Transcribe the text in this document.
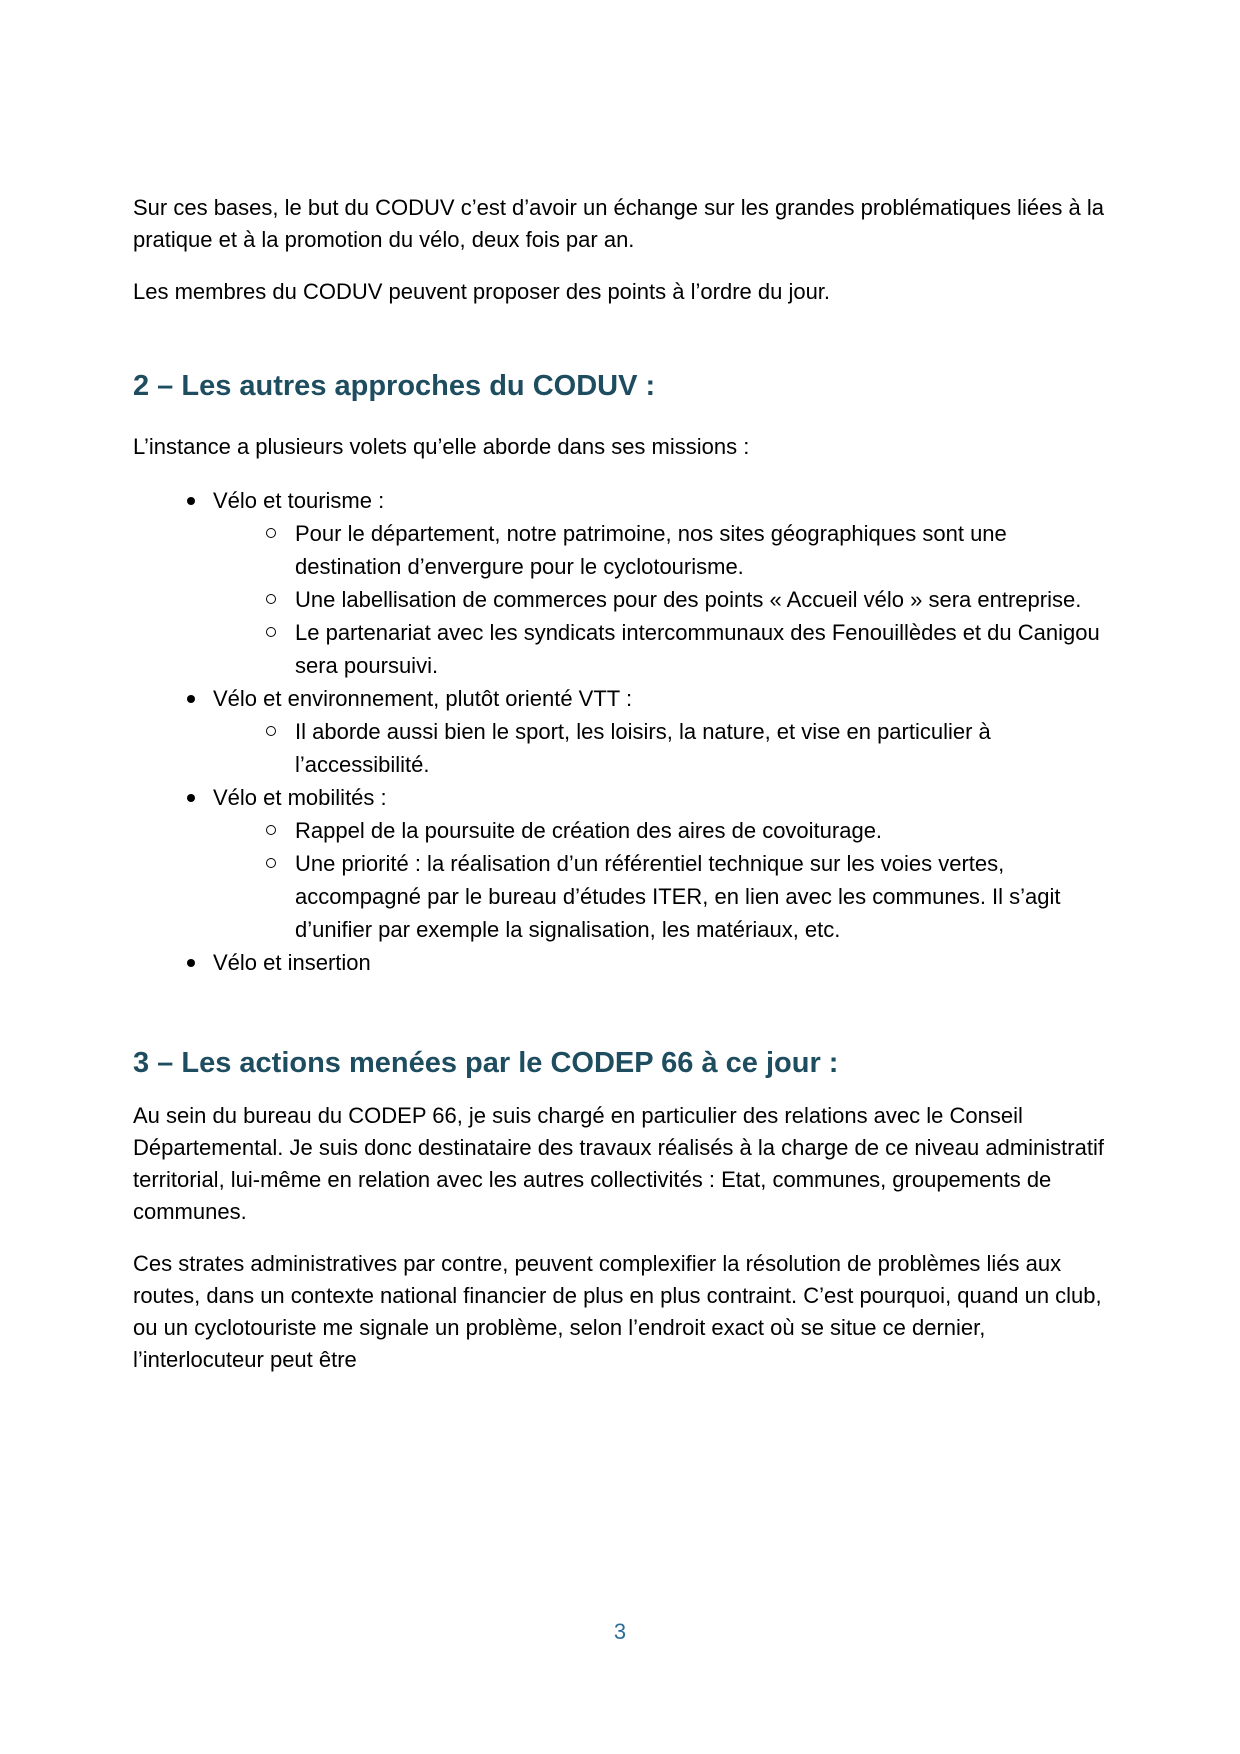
Sur ces bases, le but du CODUV c’est d’avoir un échange sur les grandes problématiques liées à la pratique et à la promotion du vélo, deux fois par an.

Les membres du CODUV peuvent proposer des points à l’ordre du jour.

2 – Les autres approches du CODUV :

L’instance a plusieurs volets qu’elle aborde dans ses missions :

Vélo et tourisme :
Pour le département, notre patrimoine, nos sites géographiques sont une destination d’envergure pour le cyclotourisme.
Une labellisation de commerces pour des points « Accueil vélo » sera entreprise.
Le partenariat avec les syndicats intercommunaux des Fenouillèdes et du Canigou sera poursuivi.
Vélo et environnement, plutôt orienté VTT :
Il aborde aussi bien le sport, les loisirs, la nature, et vise en particulier à l’accessibilité.
Vélo et mobilités :
Rappel de la poursuite de création des aires de covoiturage.
Une priorité : la réalisation d’un référentiel technique sur les voies vertes, accompagné par le bureau d’études ITER, en lien avec les communes. Il s’agit d’unifier par exemple la signalisation, les matériaux, etc.
Vélo et insertion
3 – Les actions menées par le CODEP 66 à ce jour :

Au sein du bureau du CODEP 66, je suis chargé en particulier des relations avec le Conseil Départemental. Je suis donc destinataire des travaux réalisés à la charge de ce niveau administratif territorial, lui-même en relation avec les autres collectivités : Etat, communes, groupements de communes.

Ces strates administratives par contre, peuvent complexifier la résolution de problèmes liés aux routes, dans un contexte national financier de plus en plus contraint. C’est pourquoi, quand un club, ou un cyclotouriste me signale un problème, selon l’endroit exact où se situe ce dernier, l’interlocuteur peut être

3
